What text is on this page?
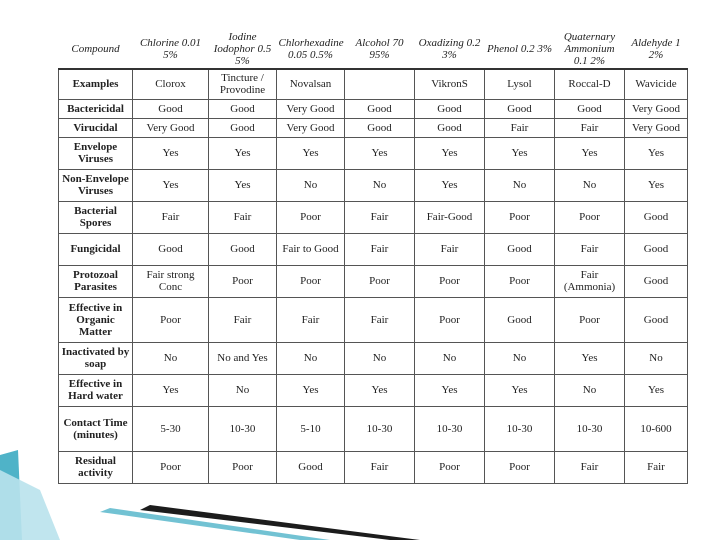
Compound	Chlorine 0.01 5%	Iodine Iodophor 0.5 5%	Chlorhexadine 0.05 0.5%	Alcohol 70 95%	Oxadizing 0.2 3%	Phenol 0.2 3%	Quaternary Ammonium 0.1 2%	Aldehyde 1 2%
Examples	Clorox	Tincture / Provodine	Novalsan		VikronS	Lysol	Roccal-D	Wavicide
Bactericidal	Good	Good	Very Good	Good	Good	Good	Good	Very Good
Virucidal	Very Good	Good	Very Good	Good	Good	Fair	Fair	Very Good
Envelope Viruses	Yes	Yes	Yes	Yes	Yes	Yes	Yes	Yes
Non-Envelope Viruses	Yes	Yes	No	No	Yes	No	No	Yes
Bacterial Spores	Fair	Fair	Poor	Fair	Fair-Good	Poor	Poor	Good
Fungicidal	Good	Good	Fair to Good	Fair	Fair	Good	Fair	Good
Protozoal Parasites	Fair strong Conc	Poor	Poor	Poor	Poor	Poor	Fair (Ammonia)	Good
Effective in Organic Matter	Poor	Fair	Fair	Fair	Poor	Good	Poor	Good
Inactivated by soap	No	No and Yes	No	No	No	No	Yes	No
Effective in Hard water	Yes	No	Yes	Yes	Yes	Yes	No	Yes
Contact Time (minutes)	5-30	10-30	5-10	10-30	10-30	10-30	10-30	10-600
Residual activity	Poor	Poor	Good	Fair	Poor	Poor	Fair	Fair
